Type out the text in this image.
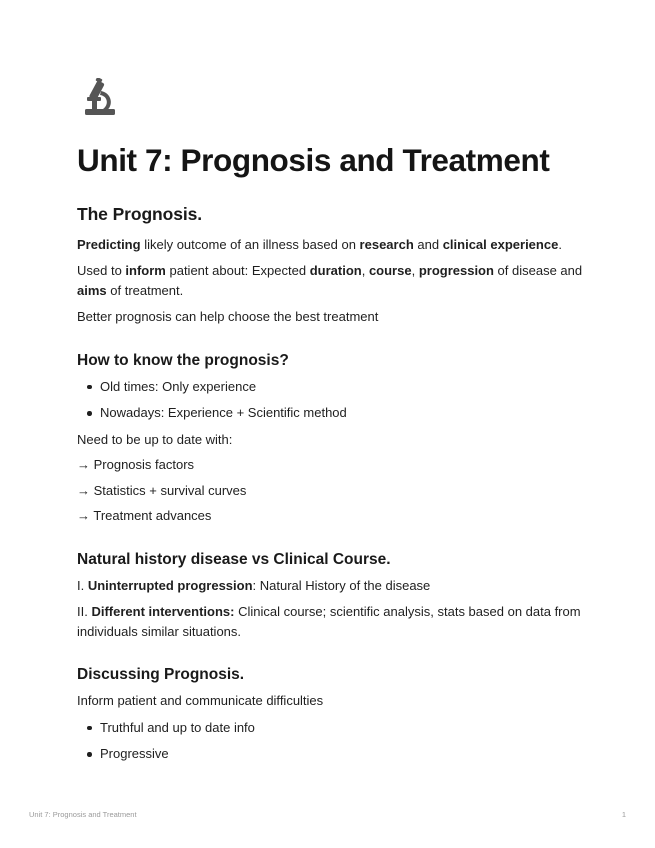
Unit 7: Prognosis and Treatment
The Prognosis.

Predicting likely outcome of an illness based on research and clinical experience.

Used to inform patient about: Expected duration, course, progression of disease and aims of treatment.

Better prognosis can help choose the best treatment

How to know the prognosis?
Old times: Only experience
Nowadays: Experience + Scientific method

Need to be up to date with:

→ Prognosis factors

→ Statistics + survival curves

→ Treatment advances

Natural history disease vs Clinical Course.

I. Uninterrupted progression: Natural History of the disease

II. Different interventions: Clinical course; scientific analysis, stats based on data from individuals similar situations.

Discussing Prognosis.

Inform patient and communicate difficulties

Truthful and up to date info
Progressive
Unit 7: Prognosis and Treatment	1
